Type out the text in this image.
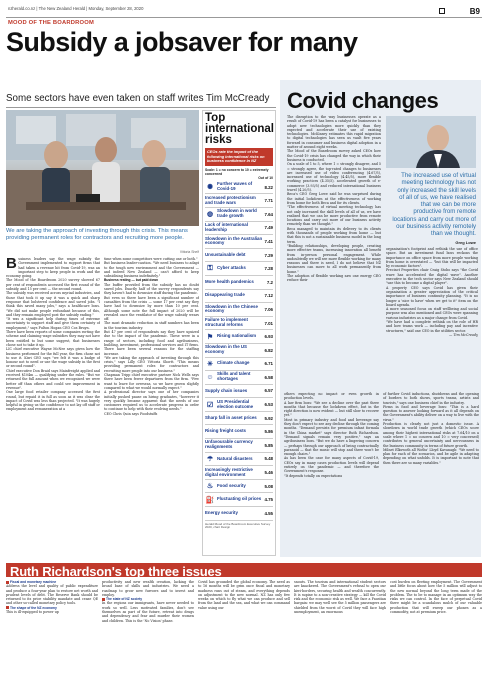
nzherald.co.nz | The New Zealand Herald | Monday, September 28, 2020	B9
MOOD OF THE BOARDROOM
Subsidy a jobsaver for many
Some sectors have even taken on staff writes Tim McCready
We are taking the approach of investing through this crisis. This means providing permanent roles for contractors and recruiting more people.
Vittoria Shelf

Business leaders say the wage subsidy the Government implemented to support firms that had taken a revenue hit from Covid-19, was an important step to keep people in work and the economy going.

The Mood of the Boardroom 2020 survey showed 67 per cent of respondents accessed the first round of the subsidy, and 15 per cent — the second round.

The subsidy was received across myriad industries, and those that took it up say it was a quick and sharp response that bolstered confidence and saved jobs. "I think this saved many jobs," says a healthcare boss. "We did not make people redundant because of this, and they remain employed post the subsidy ending."

"It was a significant help during times of extreme uncertainty to support staff and give them certainty of employment," says Fulton Hogan CEO Cos Bruyn.

There have been reports of some companies rorting the scheme and claiming wage subsidies they may not have been entitled to but some suggest, that businesses chose not to take it up.

LIC chief executive Wayne McNee says given how the business performed for the full year, the firm chose not to use it. Kiwi CEO says "we felt it was a badge of honour not to need or use the wage subsidy in the first or second round".

Chief executive Don Braid says Mainfreight applied and received $104m — qualifying under the rules. "But we returned the full amount when we recognised we were better off than others and could see improvement in revenue".

One large food retailer company accessed the first round, but repaid it in full as soon as it was clear the impact of Covid was less than projected. "It was hugely helpful in giving us the confidence to not lay off staff or employment and remuneration at a

time when some competitors were cutting one or both."

But business leader-caution. "We need business to adapt to the tough new environment and the Government — and indeed New Zealand — can't afford to keep subsidising business indefinitely."

Business resting — but paid down

The buffer provided from the subsidy has no doubt saved jobs. Exactly half of the survey respondents say they haven't had to downsize staff during the pandemic.

But even so there have been a significant number of casualties from the crisis — some 17 per cent say they have had to downsize by more than 10 per cent. Although some note the full impact of 2020 will be revealed once the ventilator of the wage subsidy wears off.

The most dramatic reduction in staff numbers has been in the tourism industry.

But 47 per cent of respondents say they have upsized due to the impact of the pandemic. These were in a range of sectors, including food and agribusiness, building, investment, professional services and IT firms. There have been several reasons for the staffing increase.

"We are taking the approach of investing through this crisis," says Lilly CEO Vittoria Shortt. "This means providing permanent roles for contractors and recruiting more people into our business."

Chapman Tripp chief executive partner Nick Wells says there have been fewer departures from the firm. "Few want to leave for overseas, so we have grown slightly compared to what we would normally expect."

A professional director says one of her companies initially pushed pause on hiring graduates, "however it very quickly became apparent that the needs of our customers required us to accelerate progress in order to continue to help with their evolving needs."

CEO Chris Quin says Foodstuffs

Top international risks
CEOs rate the impact of the following international risks on business confidence in NZ
Scale: 1 = no concern to 10 = extremely concerned
Out of 10
✺
Further waves of Covid-19	8.22
Increased protectionism and trade wars	7.71
◍
Slowdown in world trade growth	7.64
Lack of international leadership	7.49
Slowdown in the Australian economy	7.41
Unsustainable debt	7.29
⚿ Cyber attacks	7.28
More health pandemics	7.2
Disappearing trade	7.12
Slowdown in the Chinese economy	7.06
Failure to implement structural reforms	7.01
⚑ Rising nationalism	6.93
Slowdown in the US economy	6.82
☀ Climate change	6.71
☺ Skills and talent shortages	6.58
Supply chain issues	6.57
☑
US Presidential election outcome	6.53
Sharp fall in asset prices	5.92
Rising freight costs	5.86
Unfavourable currency realignments	5.85
☂ Natural disasters	5.48
Increasingly restrictive digital environment	5.46
♨ Food security	5.08
⛽ Fluctuating oil prices 4.75
Energy security	4.55
Herald Mood of the Boardroom Executive Survey 2020, chart Design
Covid changes

The disruption to the way businesses operate as a result of Covid-19 has been a catalyst for businesses to adopt new technologies more quickly than they expected and accelerate their use of existing technologies. McKinsey estimates this rapid migration to digital technologies has seen us vault five years forward in consumer and business digital adoption in a matter of around eight weeks.

The Mood of the Boardroom survey asked CEOs how the Covid-19 crisis has changed the way in which their business is conducted.

On a scale of 1 to 5, where 1 = strongly disagree, and 5 = strongly agree, the top-rated changes to businesses are increased use of video conferencing (4.67/5), increased use of technology (4.45/5), more flexible working practices (4.35/5), accelerated growth of e-commerce (3.93/5) and reduced international business travel (4.20/5).

Beca's CEO Greg Lowe said he was surprised during the initial lockdown at the effectiveness of working from home for both Beca and for its clients.

"The effectiveness of virtual meeting technology has not only increased the skill levels of all of us, we have realised that we can be more productive from remote locations and carry out more of our business activity remotely than we thought."

Beca managed to maintain its delivery to its clients with thousands of people working from home — but that this is not a sustainable business model in the long term.

"Building relationships, developing people, creating more effective teams, increasing innovation all benefit from in-person personal engagement. While undoubtedly we will see more flexible working for many reasons and there is need, I do not believe that NZ businesses can move to all work permanently from home."

The adoption of flexible working saw one energy CEO reduce their

The increased use of virtual meeting technology has not only increased the skill levels of all of us, we have realised that we can be more productive from remote locations and carry out more of our business activity remotely than we thought.
Greg Lowe

organisation's footprint and rethink the use of office space. But an investment fund boss reckons the importance on office space from more people working from home is overstated — "but this will be impacted by economic factors".

Precinct Properties chair Craig Stobo says "the Covid wave has accelerated the digital wave". Another executive in the tech sector says New Zealand should "use this to become a digital player".

A property CEO says Covid has given their organisation a greater appreciation of the critical importance of business continuity planning. "It is no longer a 'nice to have' when we get to it" item on the board agenda.

A more seasoned focus on staff wellbeing and social purpose was also mentioned and CEOs were spanning various industries as a major change from Covid.

"We have had a complete rethink on the role of HR and how teams work — including pay and incentive structures," said one CEO in the utilities sector.

— Tim McCready

others expecting no impact or even growth in production levels.

A law firm boss: "We see a decline over the past three months that because the lockdown effect, but in the right direction is now evident — but still slow to recover yet."

Most in primary industry and food and beverage say they don't expect to see any decline through the coming months. "Demand persists for premium infant formula in the China market" says director Ruth Richardson. "Demand signals remain very positive," says an agribusiness boss. "But we do have a lingering concern — perhaps through our approach of being contractually paranoid — that the music will stop and there won't be enough chairs."

As has been the case for many aspects of Covid-19, CEOs say in many cases production levels will depend entirely on the pandemic — and therefore the Government's response.

"It depends totally on expectations

of further Covid inductions, shutdowns and the opening of borders to both shows, sports teams, artists and tourists," says one business chief in the industry.

Firms in food and beverage boss: "This is a hard question to answer looking forward as it all depends on the Government's ability deliver on a way to live with the virus."

Production is clearly not just a domestic issue. A slowdown in world trade growth (which CEOs score among their highest international risks at 7.64/10 on a scale where 1 = no concern and 10 = very concerned) contributes to general uncertainty and nervousness in the business community in terms of future growth.

Milnet Elkswoth all Woths' Lloyd Kavanagh: "We need to plan for each of the scenarios, and be agile in adapting depending on what unfolds. It is important to note that then there are so many variables."

Ruth Richardson's top three issues

Fiscal and monetary machine

Address the level and quality of public expenditure and produce a four-year plan to restore net worth and prudent levels of debt. The Reserve Bank should be returned to its price stability mandate and cease QE and other so-called monetary policy tools.

The shape of the NZ economy

This is ill-equipped to power up

productivity and new wealth creation, lacking the broad base of skills and industries. We need a roadmap to grow new furrows and to invest and employ.

The state of NZ society

In the regions our immigrants, have never needed to work so well. Less motivated families, don't see themselves as part of the future, retreat into drugs and dependency and fear and murder their women and children. This is the 'No Vision' phase.

Covid has grounded the global economy. The need as to 16 months will be grim once fiscal and monetary madness runs out of steam, and everything depends on adjustment to the new normal. NZ has only few weeks on which to fly what we can produce and sell from the land and the sea, and what we can command value using our

snouts. The tourism and international student sectors are knackered. The Government's refusal to open our kiwi-borders, securing health and wealth concurrently. It is supine to a non-creative strategy — kill the Covid risk and the economic risk as well. We face a Faustian bargain: we may well see the 5 million passengers are shielded from the worst of Covid they will face high unemployment, an enormous

cost burden on fleeting employment. The Government and little focus about how the 5 million will adjust to the new normal beyond the long term made of the problem. The to be to manage in an optimum way the risks we can control. In the face of perpetual Covid there might be a scandalous mulch of our valuable production that will sweep our phones as a commodity, not at premium price.
